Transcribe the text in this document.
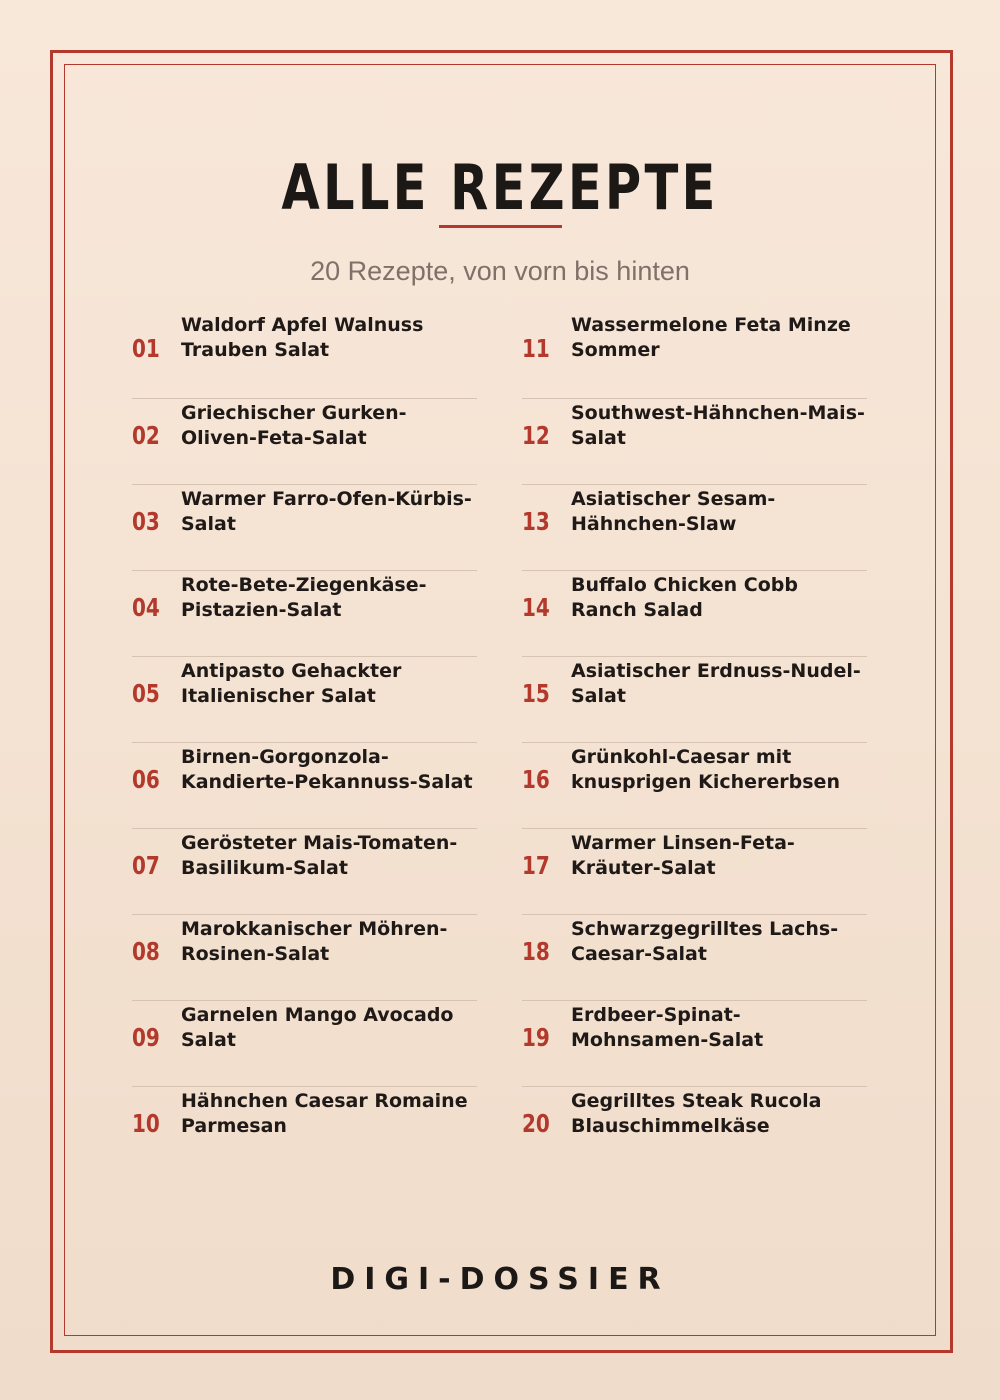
ALLE REZEPTE

20 Rezepte, von vorn bis hinten

01

Waldorf Apfel Walnuss Trauben Salat

02

Griechischer Gurken-Oliven-Feta-Salat

03

Warmer Farro-Ofen-Kürbis-Salat

04

Rote-Bete-Ziegenkäse-Pistazien-Salat

05

Antipasto Gehackter Italienischer Salat

06

Birnen-Gorgonzola-Kandierte-Pekannuss-Salat

07

Gerösteter Mais-Tomaten-Basilikum-Salat

08

Marokkanischer Möhren-Rosinen-Salat

09

Garnelen Mango Avocado Salat

10

Hähnchen Caesar Romaine Parmesan

11

Wassermelone Feta Minze Sommer

12

Southwest-Hähnchen-Mais-Salat

13

Asiatischer Sesam-Hähnchen-Slaw

14

Buffalo Chicken Cobb Ranch Salad

15

Asiatischer Erdnuss-Nudel-Salat

16

Grünkohl-Caesar mit knusprigen Kichererbsen

17

Warmer Linsen-Feta-Kräuter-Salat

18

Schwarzgegrilltes Lachs-Caesar-Salat

19

Erdbeer-Spinat-Mohnsamen-Salat

20

Gegrilltes Steak Rucola Blauschimmelkäse

DIGI-DOSSIER
